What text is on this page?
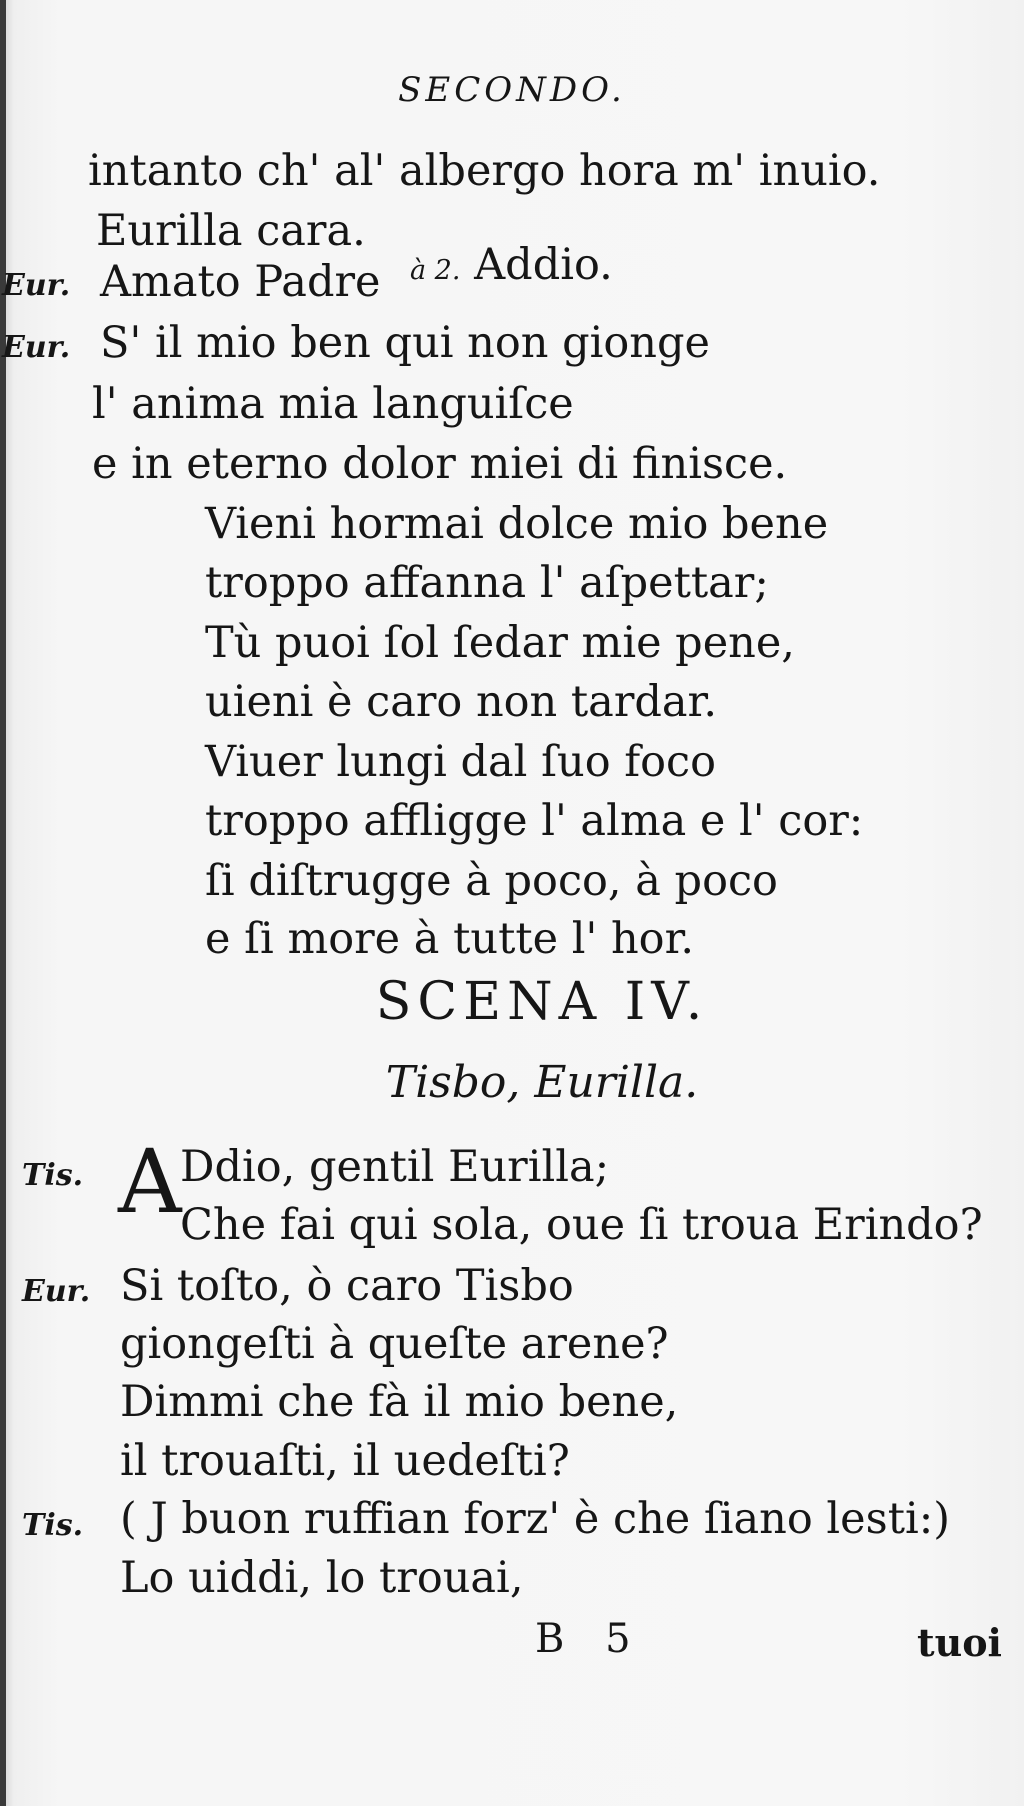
SECONDO.
intanto ch' al' albergo hora m' inuio.
Eurilla cara.
Eur. Amato Padre à 2. Addio.
Eur. S' il mio ben qui non gionge
l' anima mia languiſce
e in eterno dolor miei di finisce.
Vieni hormai dolce mio bene
troppo affanna l' aſpettar;
Tù puoi ſol ſedar mie pene,
uieni è caro non tardar.
Viuer lungi dal ſuo foco
troppo affligge l' alma e l' cor:
ſi diſtrugge à poco, à poco
e ſi more à tutte l' hor.
SCENA IV.
Tisbo, Eurilla.
Tis. A
Ddio, gentil Eurilla;
Che fai qui sola, oue ſi troua Erindo?
Eur. Si toſto, ò caro Tisbo
giongeſti à queſte arene?
Dimmi che fà il mio bene,
il trouaſti, il uedeſti?
Tis. ( J buon ruffian forz' è che ſiano lesti:)
Lo uiddi, lo trouai,
B 5	tuoi
